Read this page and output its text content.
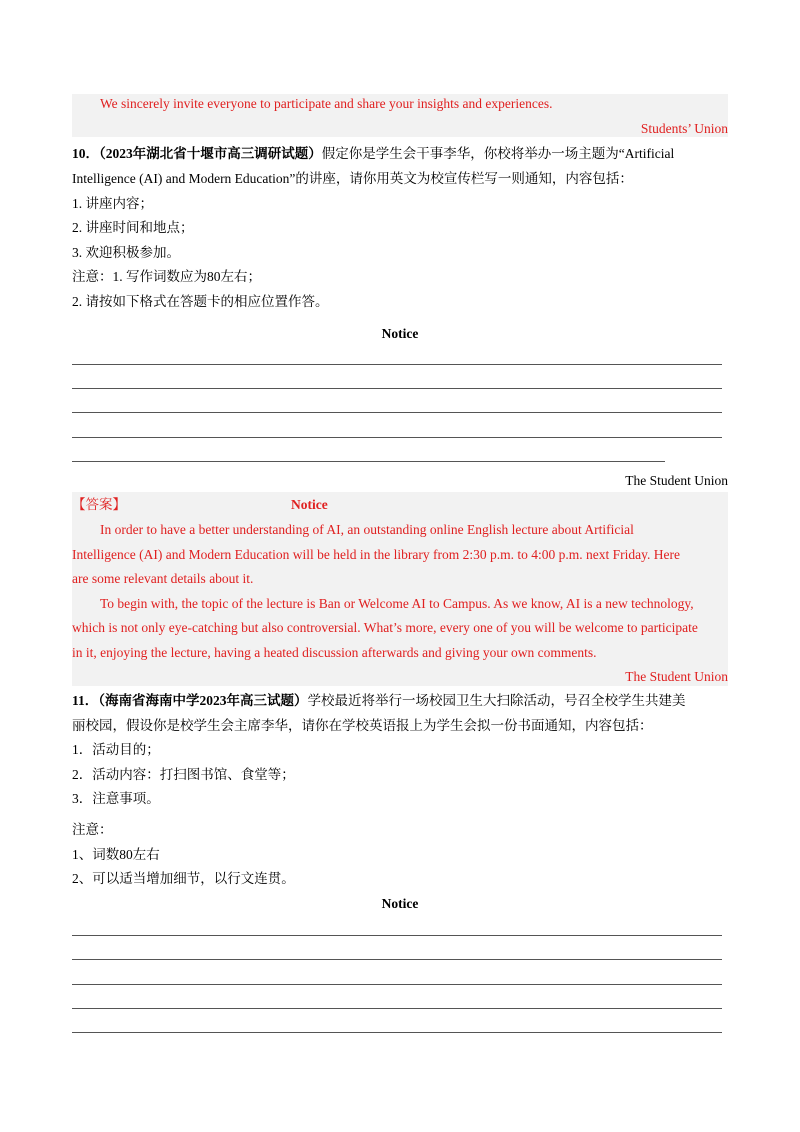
We sincerely invite everyone to participate and share your insights and experiences.
Students’ Union
10．（2023年湖北省十堰市高三调研试题）假定你是学生会干事李华，你校将举办一场主题为“Artificial
Intelligence (AI) and Modern Education”的讲座，请你用英文为校宣传栏写一则通知，内容包括：
1. 讲座内容；
2. 讲座时间和地点；
3. 欢迎积极参加。
注意：1. 写作词数应为80左右；
2. 请按如下格式在答题卡的相应位置作答。
Notice
The Student Union
【答案】	Notice
In order to have a better understanding of AI, an outstanding online English lecture about Artificial
Intelligence (AI) and Modern Education will be held in the library from 2:30 p.m. to 4:00 p.m. next Friday. Here
are some relevant details about it.
To begin with, the topic of the lecture is Ban or Welcome AI to Campus. As we know, AI is a new technology,
which is not only eye-catching but also controversial. What’s more, every one of you will be welcome to participate
in it, enjoying the lecture, having a heated discussion afterwards and giving your own comments.
The Student Union
11．（海南省海南中学2023年高三试题）学校最近将举行一场校园卫生大扫除活动，号召全校学生共建美
丽校园，假设你是校学生会主席李华，请你在学校英语报上为学生会拟一份书面通知，内容包括：
1．活动目的；
2．活动内容：打扫图书馆、食堂等；
3．注意事项。
注意：
1、词数80左右
2、可以适当增加细节，以行文连贯。
Notice
